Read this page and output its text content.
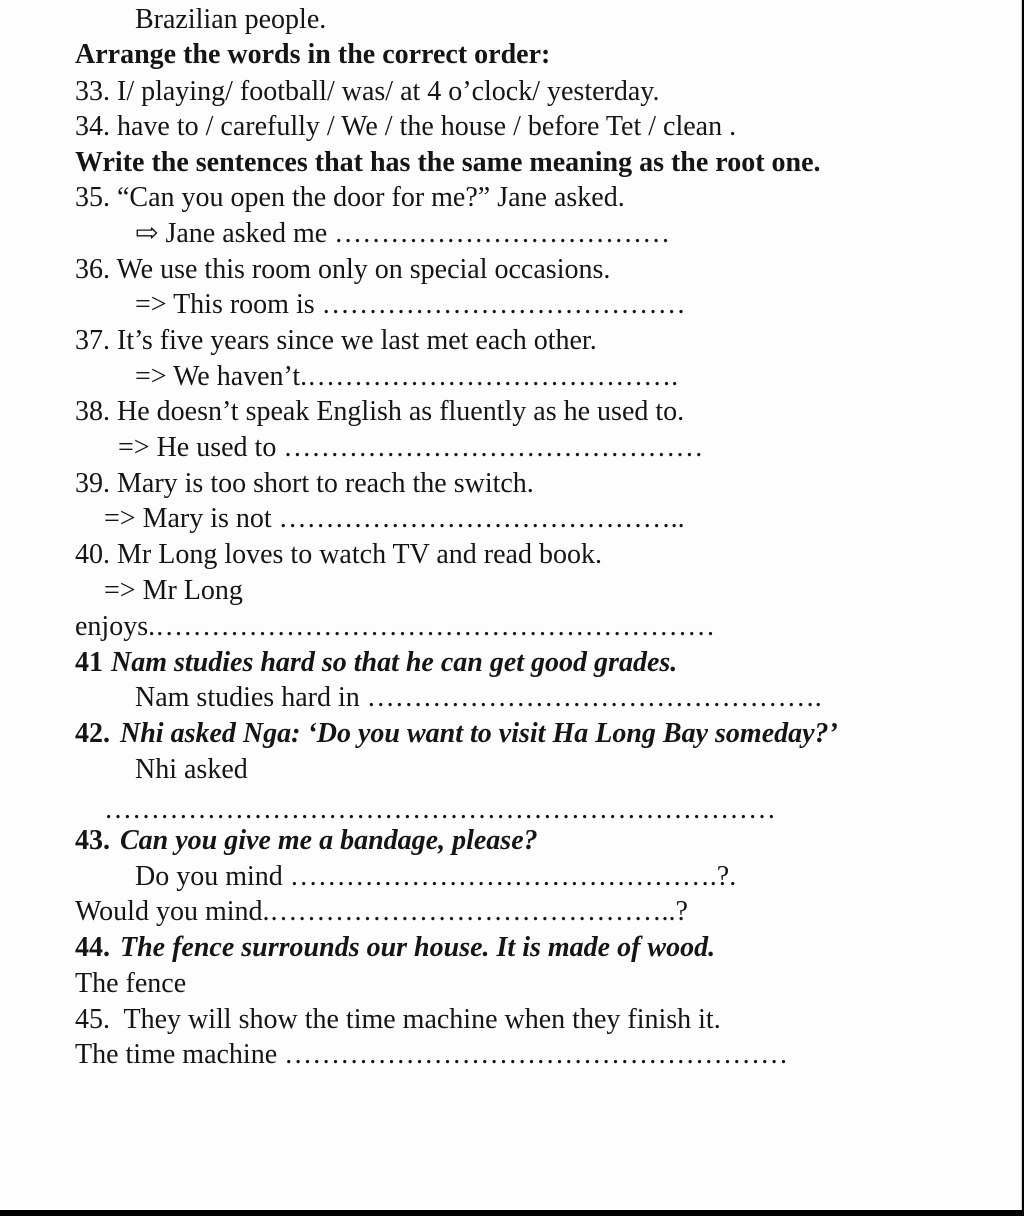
Brazilian people.

Arrange the words in the correct order:

33. I/ playing/ football/ was/ at 4 o’clock/ yesterday.

34. have to / carefully / We / the house / before Tet / clean .

Write the sentences that has the same meaning as the root one.

35. “Can you open the door for me?” Jane asked.

⇨ Jane asked me ………………………………

36. We use this room only on special occasions.

=> This room is …………………………………

37. It’s five years since we last met each other.

=> We haven’t.………………………………….

38. He doesn’t speak English as fluently as he used to.

=> He used to ………………………………………

39. Mary is too short to reach the switch.

=> Mary is not ……………………………………..

40. Mr Long loves to watch TV and read book.

=> Mr Long

enjoys.……………………………………………………

41 Nam studies hard so that he can get good grades.

Nam studies hard in ………………………………………….

42. Nhi asked Nga: ‘Do you want to visit Ha Long Bay someday?’

Nhi asked

………………………………………………………………

43. Can you give me a bandage, please?

Do you mind ……………………………………….?.

Would you mind.……………………………………..?

44. The fence surrounds our house. It is made of wood.

The fence

45.  They will show the time machine when they finish it.

The time machine ………………………………………………
